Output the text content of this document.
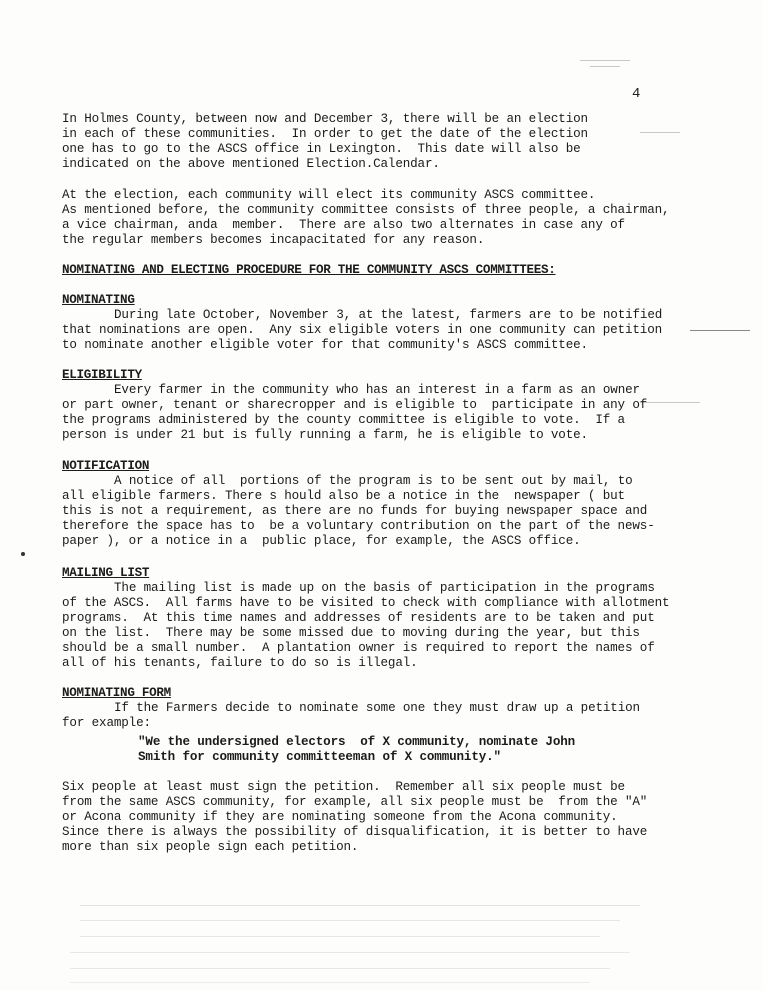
4
In Holmes County, between now and December 3, there will be an election
in each of these communities.  In order to get the date of the election
one has to go to the ASCS office in Lexington.  This date will also be
indicated on the above mentioned Election.Calendar.
At the election, each community will elect its community ASCS committee.
As mentioned before, the community committee consists of three people, a chairman,
a vice chairman, anda  member.  There are also two alternates in case any of
the regular members becomes incapacitated for any reason.
NOMINATING AND ELECTING PROCEDURE FOR THE COMMUNITY ASCS COMMITTEES:
NOMINATING
During late October, November 3, at the latest, farmers are to be notified
that nominations are open.  Any six eligible voters in one community can petition
to nominate another eligible voter for that community's ASCS committee.
ELIGIBILITY
Every farmer in the community who has an interest in a farm as an owner
or part owner, tenant or sharecropper and is eligible to  participate in any of
the programs administered by the county committee is eligible to vote.  If a
person is under 21 but is fully running a farm, he is eligible to vote.
NOTIFICATION
A notice of all  portions of the program is to be sent out by mail, to
all eligible farmers. There s hould also be a notice in the  newspaper ( but
this is not a requirement, as there are no funds for buying newspaper space and
therefore the space has to  be a voluntary contribution on the part of the news-
paper ), or a notice in a  public place, for example, the ASCS office.
MAILING LIST
The mailing list is made up on the basis of participation in the programs
of the ASCS.  All farms have to be visited to check with compliance with allotment
programs.  At this time names and addresses of residents are to be taken and put
on the list.  There may be some missed due to moving during the year, but this
should be a small number.  A plantation owner is required to report the names of
all of his tenants, failure to do so is illegal.
NOMINATING FORM
If the Farmers decide to nominate some one they must draw up a petition
for example:
"We the undersigned electors  of X community, nominate John
Smith for community committeeman of X community."
Six people at least must sign the petition.  Remember all six people must be
from the same ASCS community, for example, all six people must be  from the "A"
or Acona community if they are nominating someone from the Acona community.
Since there is always the possibility of disqualification, it is better to have
more than six people sign each petition.
